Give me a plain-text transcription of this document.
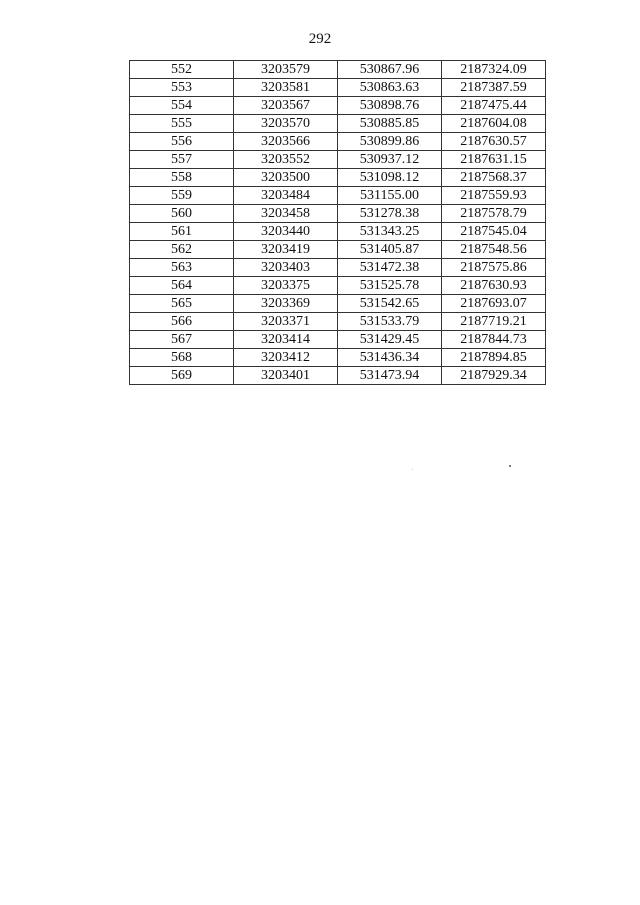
292
552	3203579	530867.96	2187324.09
553	3203581	530863.63	2187387.59
554	3203567	530898.76	2187475.44
555	3203570	530885.85	2187604.08
556	3203566	530899.86	2187630.57
557	3203552	530937.12	2187631.15
558	3203500	531098.12	2187568.37
559	3203484	531155.00	2187559.93
560	3203458	531278.38	2187578.79
561	3203440	531343.25	2187545.04
562	3203419	531405.87	2187548.56
563	3203403	531472.38	2187575.86
564	3203375	531525.78	2187630.93
565	3203369	531542.65	2187693.07
566	3203371	531533.79	2187719.21
567	3203414	531429.45	2187844.73
568	3203412	531436.34	2187894.85
569	3203401	531473.94	2187929.34
